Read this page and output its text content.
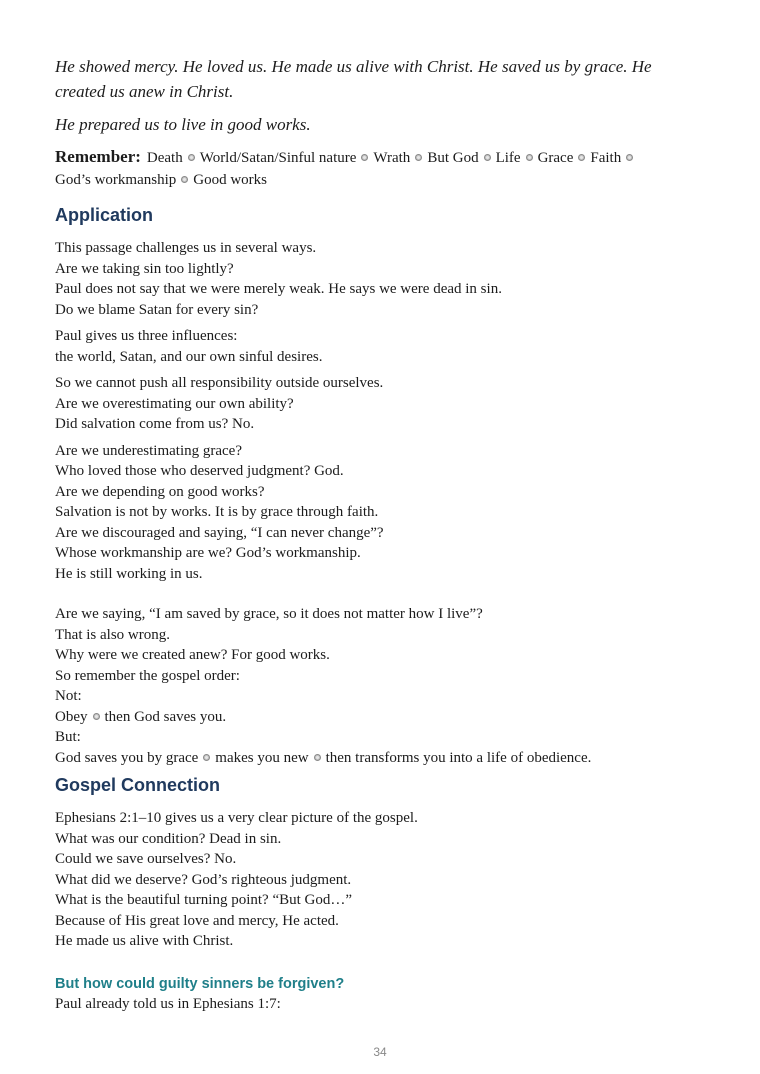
He showed mercy. He loved us. He made us alive with Christ. He saved us by grace. He

created us anew in Christ.

He prepared us to live in good works.

Remember: Death World/Satan/Sinful nature Wrath But God Life Grace Faith
God’s workmanship Good works
Application
This passage challenges us in several ways.
Are we taking sin too lightly?
Paul does not say that we were merely weak. He says we were dead in sin.
Do we blame Satan for every sin?
Paul gives us three influences:
the world, Satan, and our own sinful desires.
So we cannot push all responsibility outside ourselves.
Are we overestimating our own ability?
Did salvation come from us? No.
Are we underestimating grace?
Who loved those who deserved judgment? God.
Are we depending on good works?
Salvation is not by works. It is by grace through faith.
Are we discouraged and saying, “I can never change”?
Whose workmanship are we? God’s workmanship.
He is still working in us.
Are we saying, “I am saved by grace, so it does not matter how I live”?
That is also wrong.
Why were we created anew? For good works.
So remember the gospel order:
Not:
Obey then God saves you.
But:
God saves you by grace makes you new then transforms you into a life of obedience.
Gospel Connection
Ephesians 2:1–10 gives us a very clear picture of the gospel.
What was our condition? Dead in sin.
Could we save ourselves? No.
What did we deserve? God’s righteous judgment.
What is the beautiful turning point? “But God…”
Because of His great love and mercy, He acted.
He made us alive with Christ.
But how could guilty sinners be forgiven?
Paul already told us in Ephesians 1:7:
34
